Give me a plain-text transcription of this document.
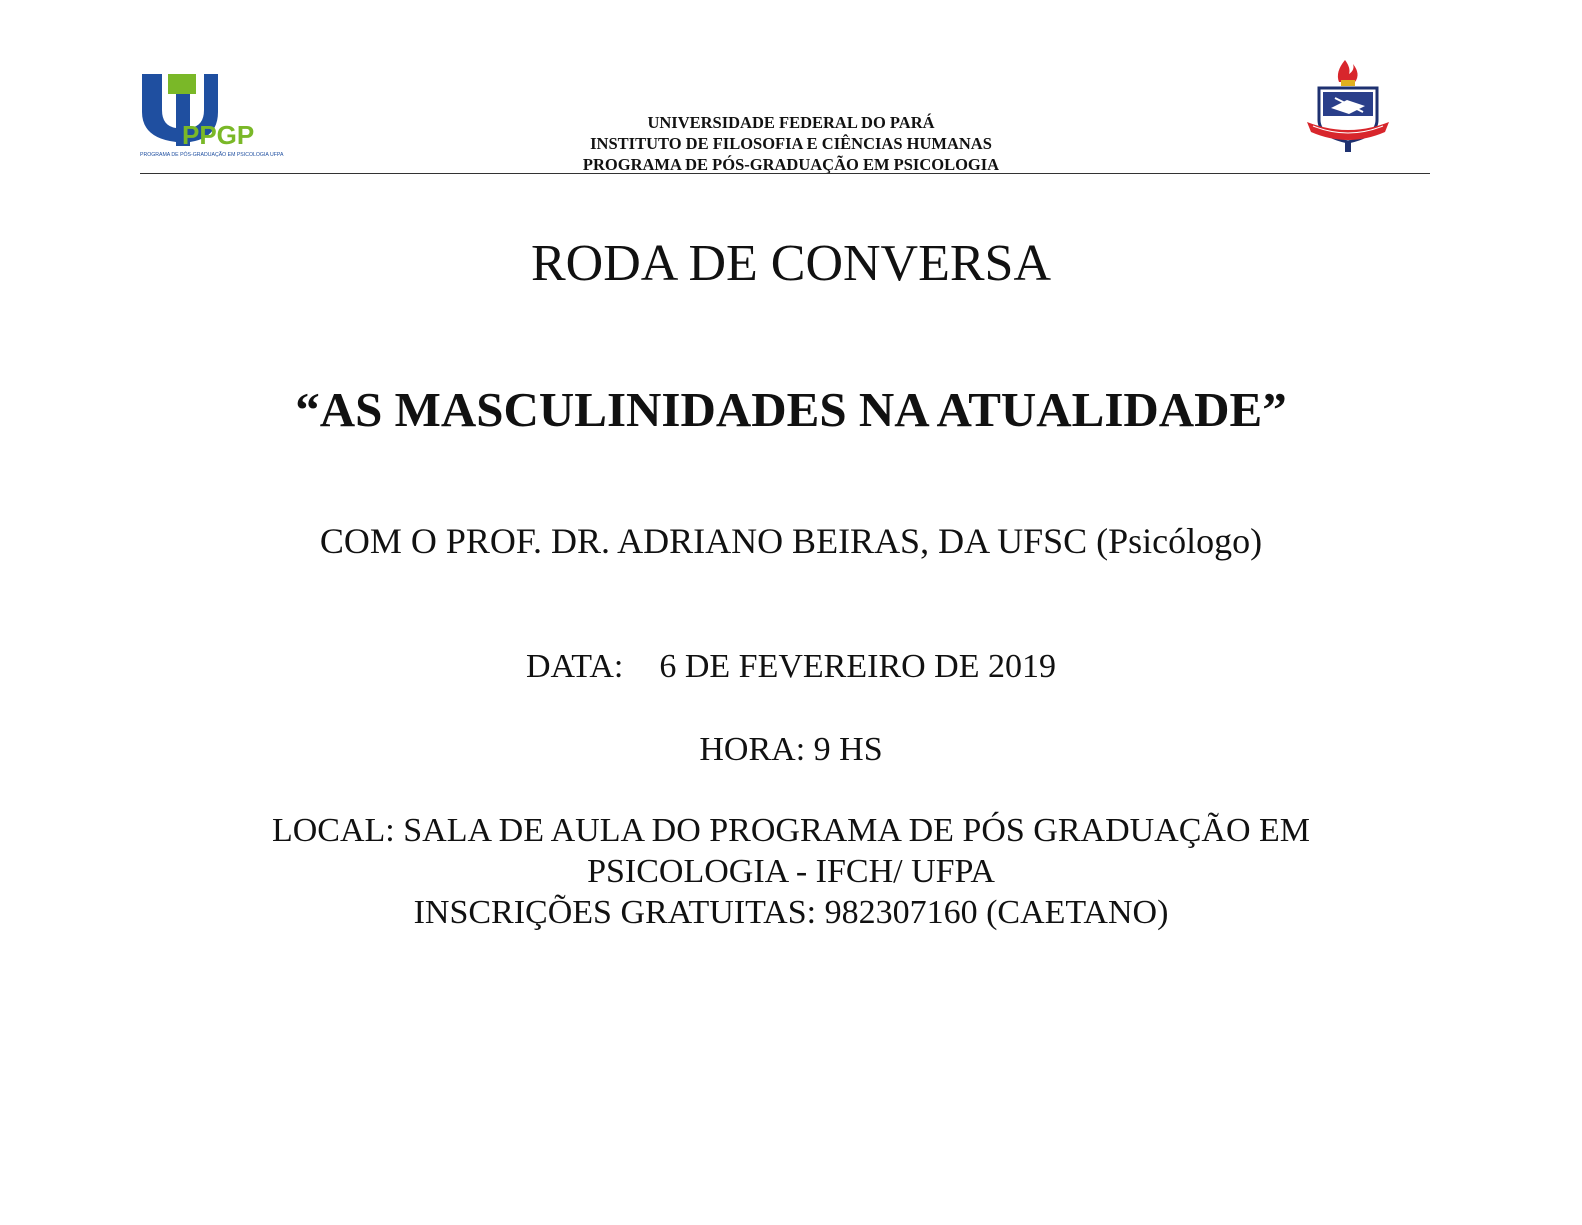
PPGP
PROGRAMA DE PÓS-GRADUAÇÃO EM PSICOLOGIA UFPA
UNIVERSIDADE FEDERAL DO PARÁ
INSTITUTO DE FILOSOFIA E CIÊNCIAS HUMANAS
PROGRAMA DE PÓS-GRADUAÇÃO EM PSICOLOGIA
RODA DE CONVERSA
“AS MASCULINIDADES NA ATUALIDADE”
COM O PROF. DR. ADRIANO BEIRAS, DA UFSC (Psicólogo)
DATA: 6 DE FEVEREIRO DE 2019
HORA: 9 HS
LOCAL: SALA DE AULA DO PROGRAMA DE PÓS GRADUAÇÃO EM
PSICOLOGIA - IFCH/ UFPA
INSCRIÇÕES GRATUITAS: 982307160 (CAETANO)
